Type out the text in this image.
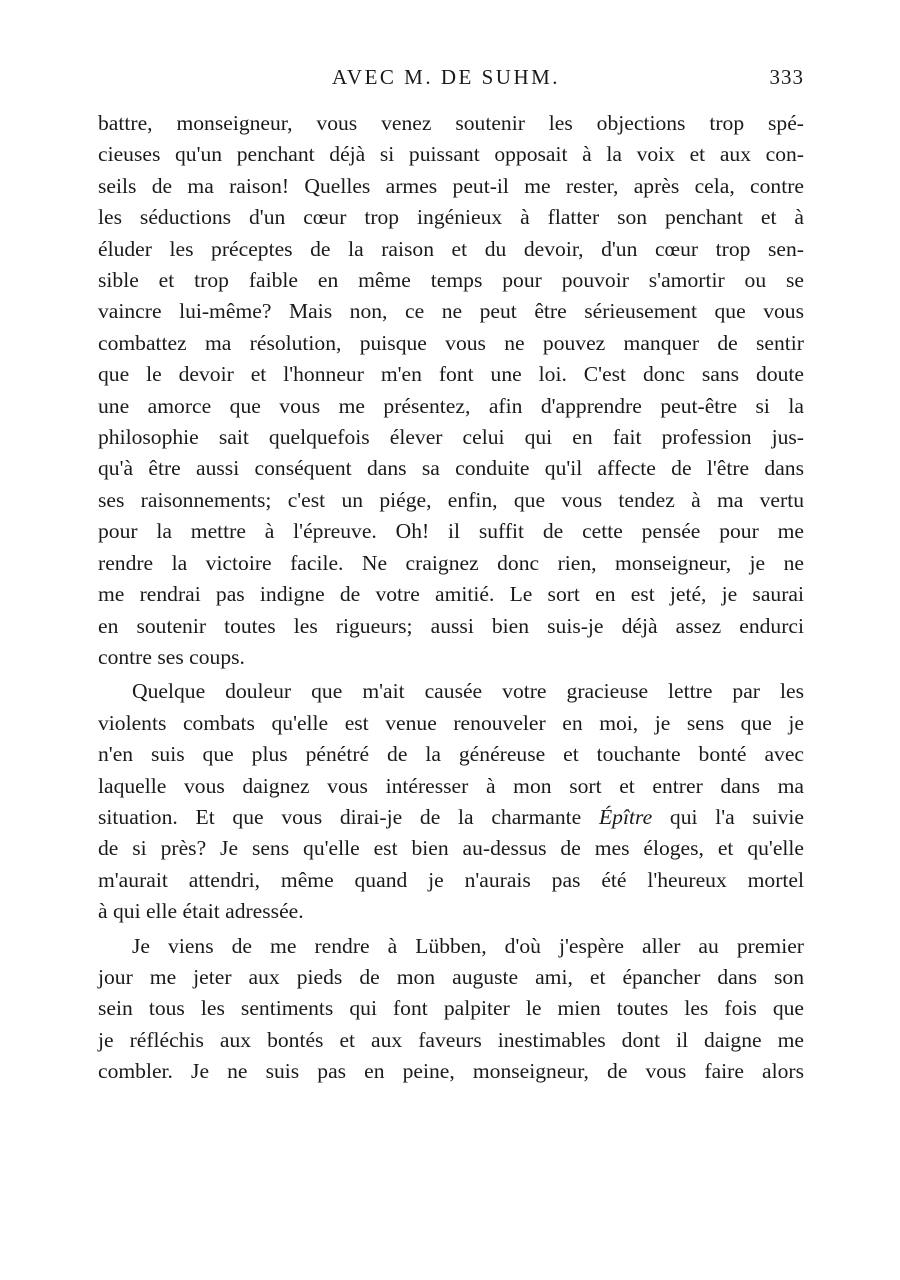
AVEC M. DE SUHM.	333
battre, monseigneur, vous venez soutenir les objections trop spé-
cieuses qu'un penchant déjà si puissant opposait à la voix et aux con-
seils de ma raison! Quelles armes peut-il me rester, après cela, contre
les séductions d'un cœur trop ingénieux à flatter son penchant et à
éluder les préceptes de la raison et du devoir, d'un cœur trop sen-
sible et trop faible en même temps pour pouvoir s'amortir ou se
vaincre lui-même? Mais non, ce ne peut être sérieusement que vous
combattez ma résolution, puisque vous ne pouvez manquer de sentir
que le devoir et l'honneur m'en font une loi. C'est donc sans doute
une amorce que vous me présentez, afin d'apprendre peut-être si la
philosophie sait quelquefois élever celui qui en fait profession jus-
qu'à être aussi conséquent dans sa conduite qu'il affecte de l'être dans
ses raisonnements; c'est un piége, enfin, que vous tendez à ma vertu
pour la mettre à l'épreuve. Oh! il suffit de cette pensée pour me
rendre la victoire facile. Ne craignez donc rien, monseigneur, je ne
me rendrai pas indigne de votre amitié. Le sort en est jeté, je saurai
en soutenir toutes les rigueurs; aussi bien suis-je déjà assez endurci
contre ses coups.
Quelque douleur que m'ait causée votre gracieuse lettre par les
violents combats qu'elle est venue renouveler en moi, je sens que je
n'en suis que plus pénétré de la généreuse et touchante bonté avec
laquelle vous daignez vous intéresser à mon sort et entrer dans ma
situation. Et que vous dirai-je de la charmante Épître qui l'a suivie
de si près? Je sens qu'elle est bien au-dessus de mes éloges, et qu'elle
m'aurait attendri, même quand je n'aurais pas été l'heureux mortel
à qui elle était adressée.
Je viens de me rendre à Lübben, d'où j'espère aller au premier
jour me jeter aux pieds de mon auguste ami, et épancher dans son
sein tous les sentiments qui font palpiter le mien toutes les fois que
je réfléchis aux bontés et aux faveurs inestimables dont il daigne me
combler. Je ne suis pas en peine, monseigneur, de vous faire alors
